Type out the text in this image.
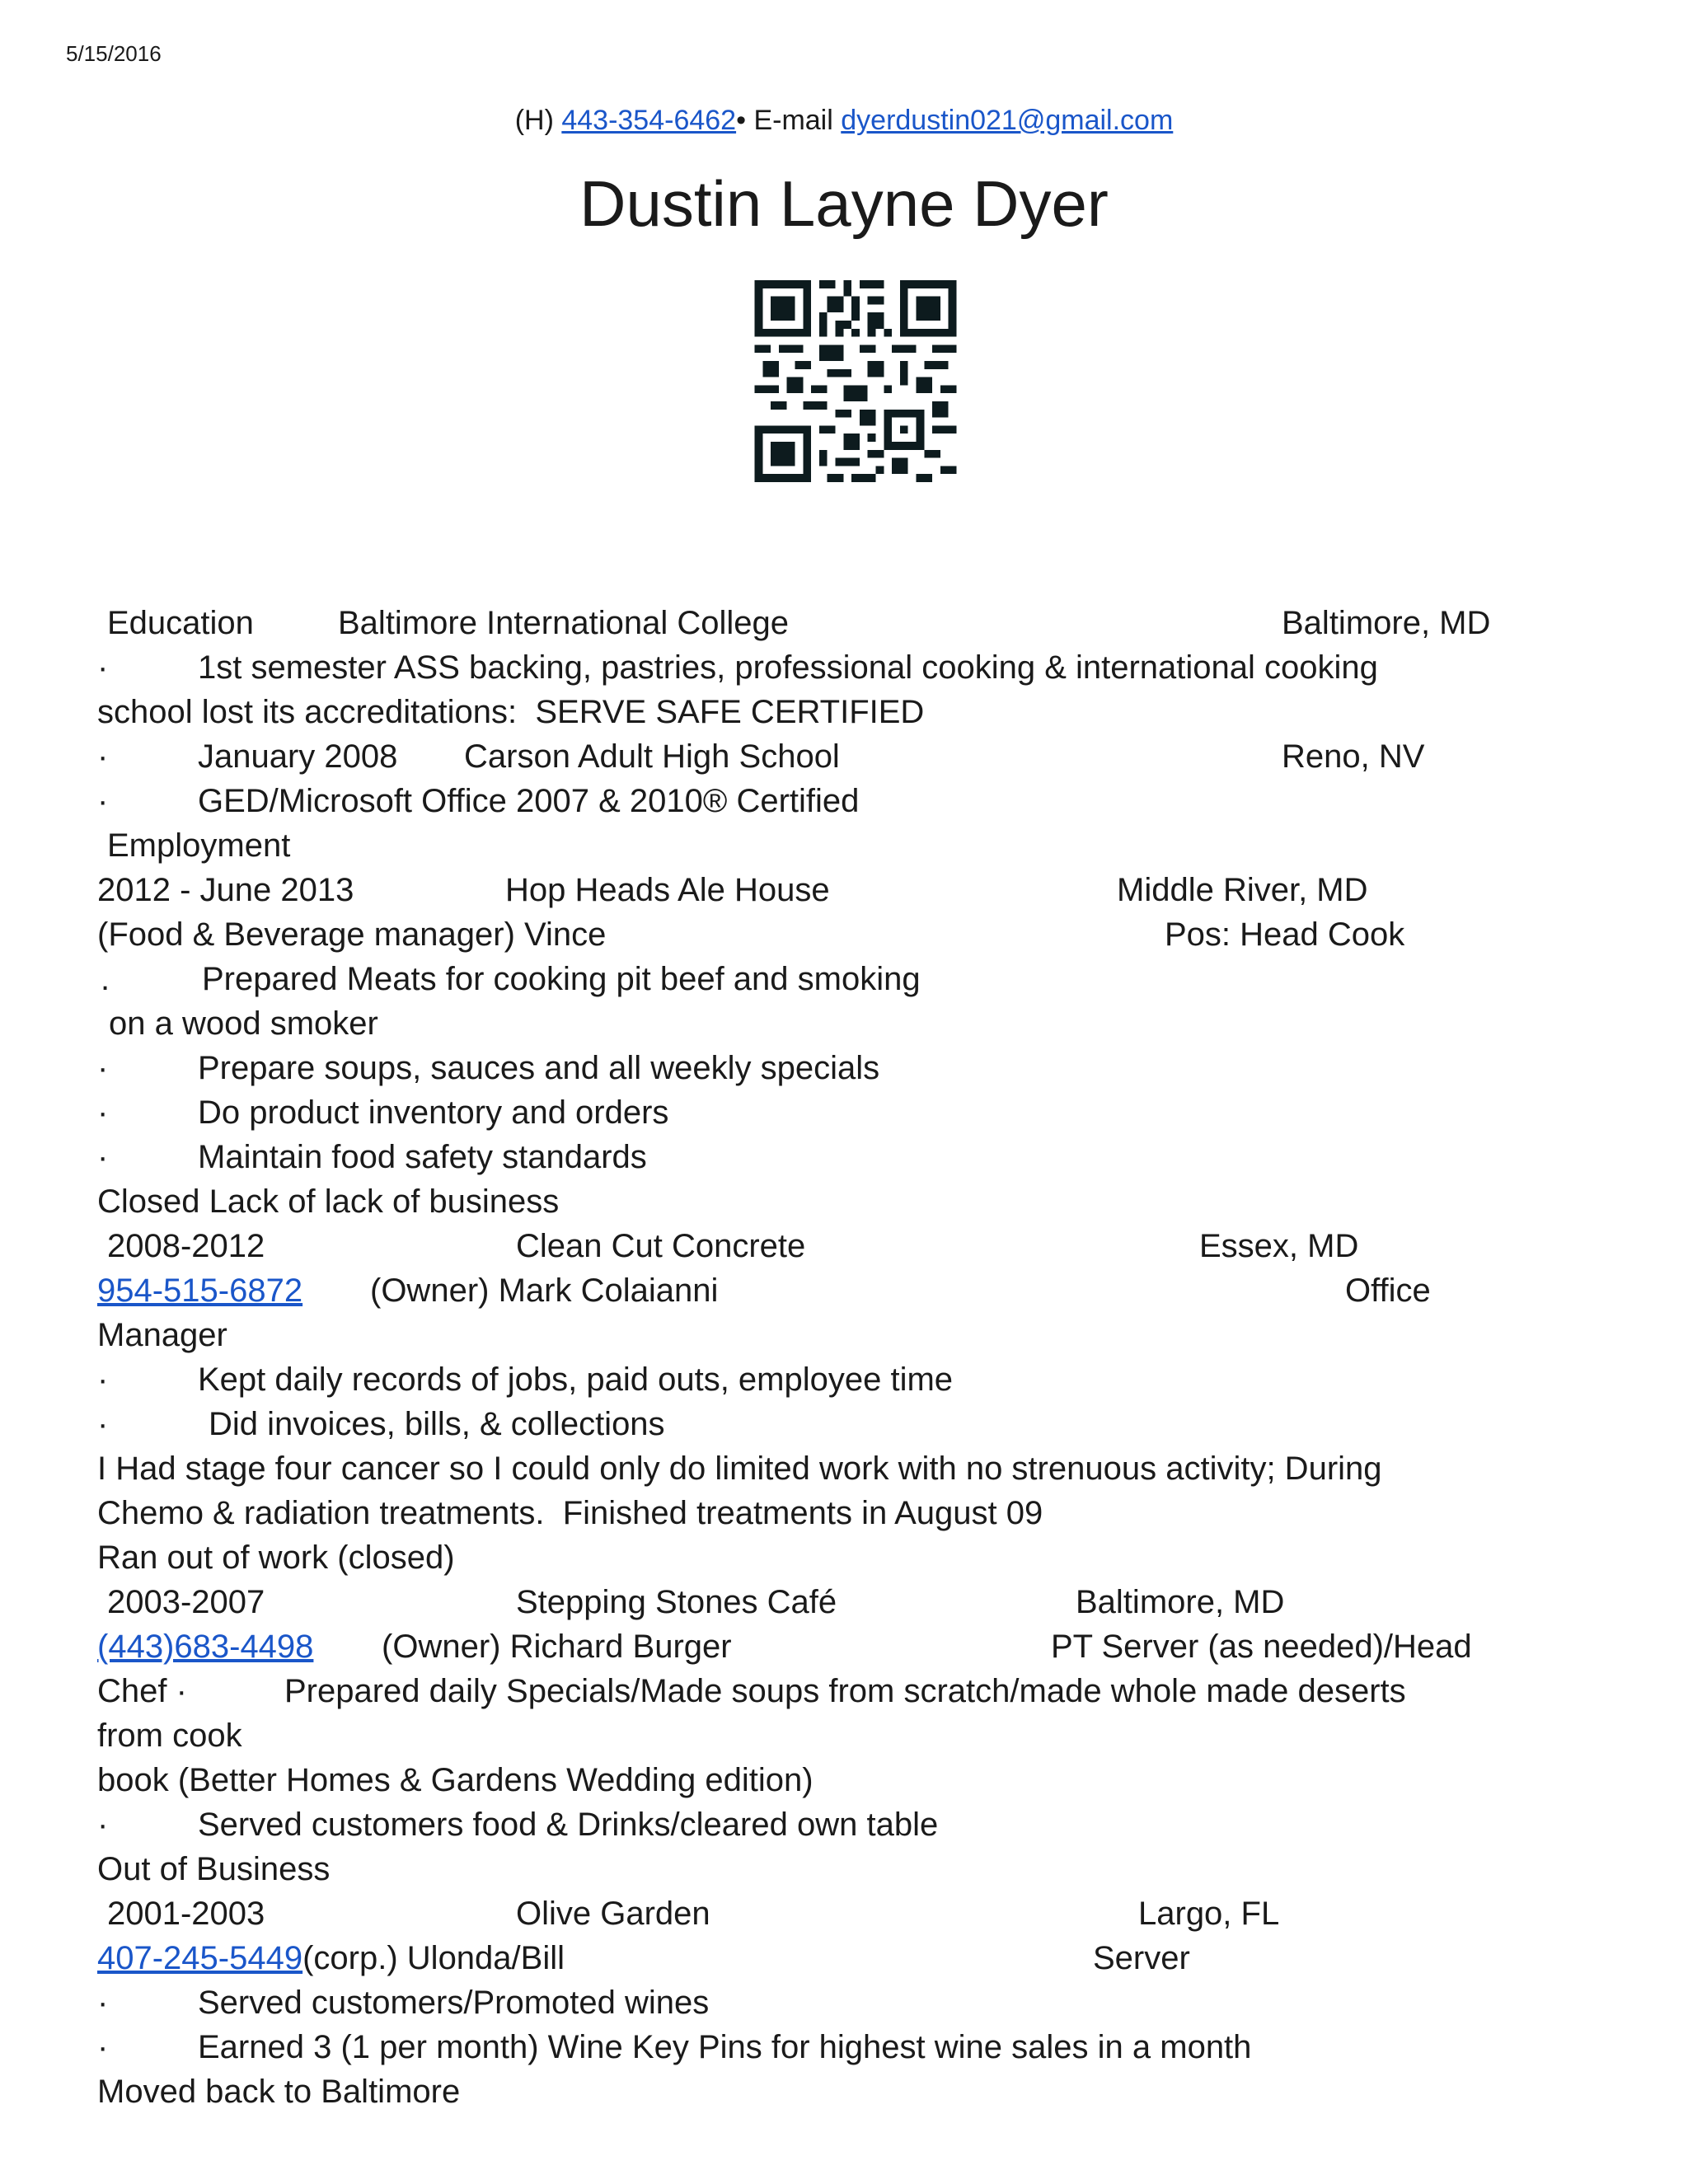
5/15/2016
(H) 443-354-6462• E-mail dyerdustin021@gmail.com
Dustin Layne Dyer
Education	Baltimore International College	Baltimore, MD
·	1st semester ASS backing, pastries, professional cooking & international cooking
school lost its accreditations:  SERVE SAFE CERTIFIED
·	January 2008 Carson Adult High School	Reno, NV
·	GED/Microsoft Office 2007 & 2010® Certified
Employment
2012 - June 2013	Hop Heads Ale House	Middle River, MD
(Food & Beverage manager) Vince	Pos: Head Cook
.	Prepared Meats for cooking pit beef and smoking
on a wood smoker
·	Prepare soups, sauces and all weekly specials
·	Do product inventory and orders
·	Maintain food safety standards
Closed Lack of lack of business
2008-2012	Clean Cut Concrete	Essex, MD
954-515-6872 (Owner) Mark Colaianni	Office
Manager
·	Kept daily records of jobs, paid outs, employee time
·	Did invoices, bills, & collections
I Had stage four cancer so I could only do limited work with no strenuous activity; During
Chemo & radiation treatments.  Finished treatments in August 09
Ran out of work (closed)
2003-2007	Stepping Stones Café	Baltimore, MD
(443)683-4498 (Owner) Richard Burger	PT Server (as needed)/Head
Chef ·	Prepared daily Specials/Made soups from scratch/made whole made deserts
from cook
book (Better Homes & Gardens Wedding edition)
·	Served customers food & Drinks/cleared own table
Out of Business
2001-2003	Olive Garden	Largo, FL
407-245-5449(corp.) Ulonda/Bill	Server
·	Served customers/Promoted wines
·	Earned 3 (1 per month) Wine Key Pins for highest wine sales in a month
Moved back to Baltimore
